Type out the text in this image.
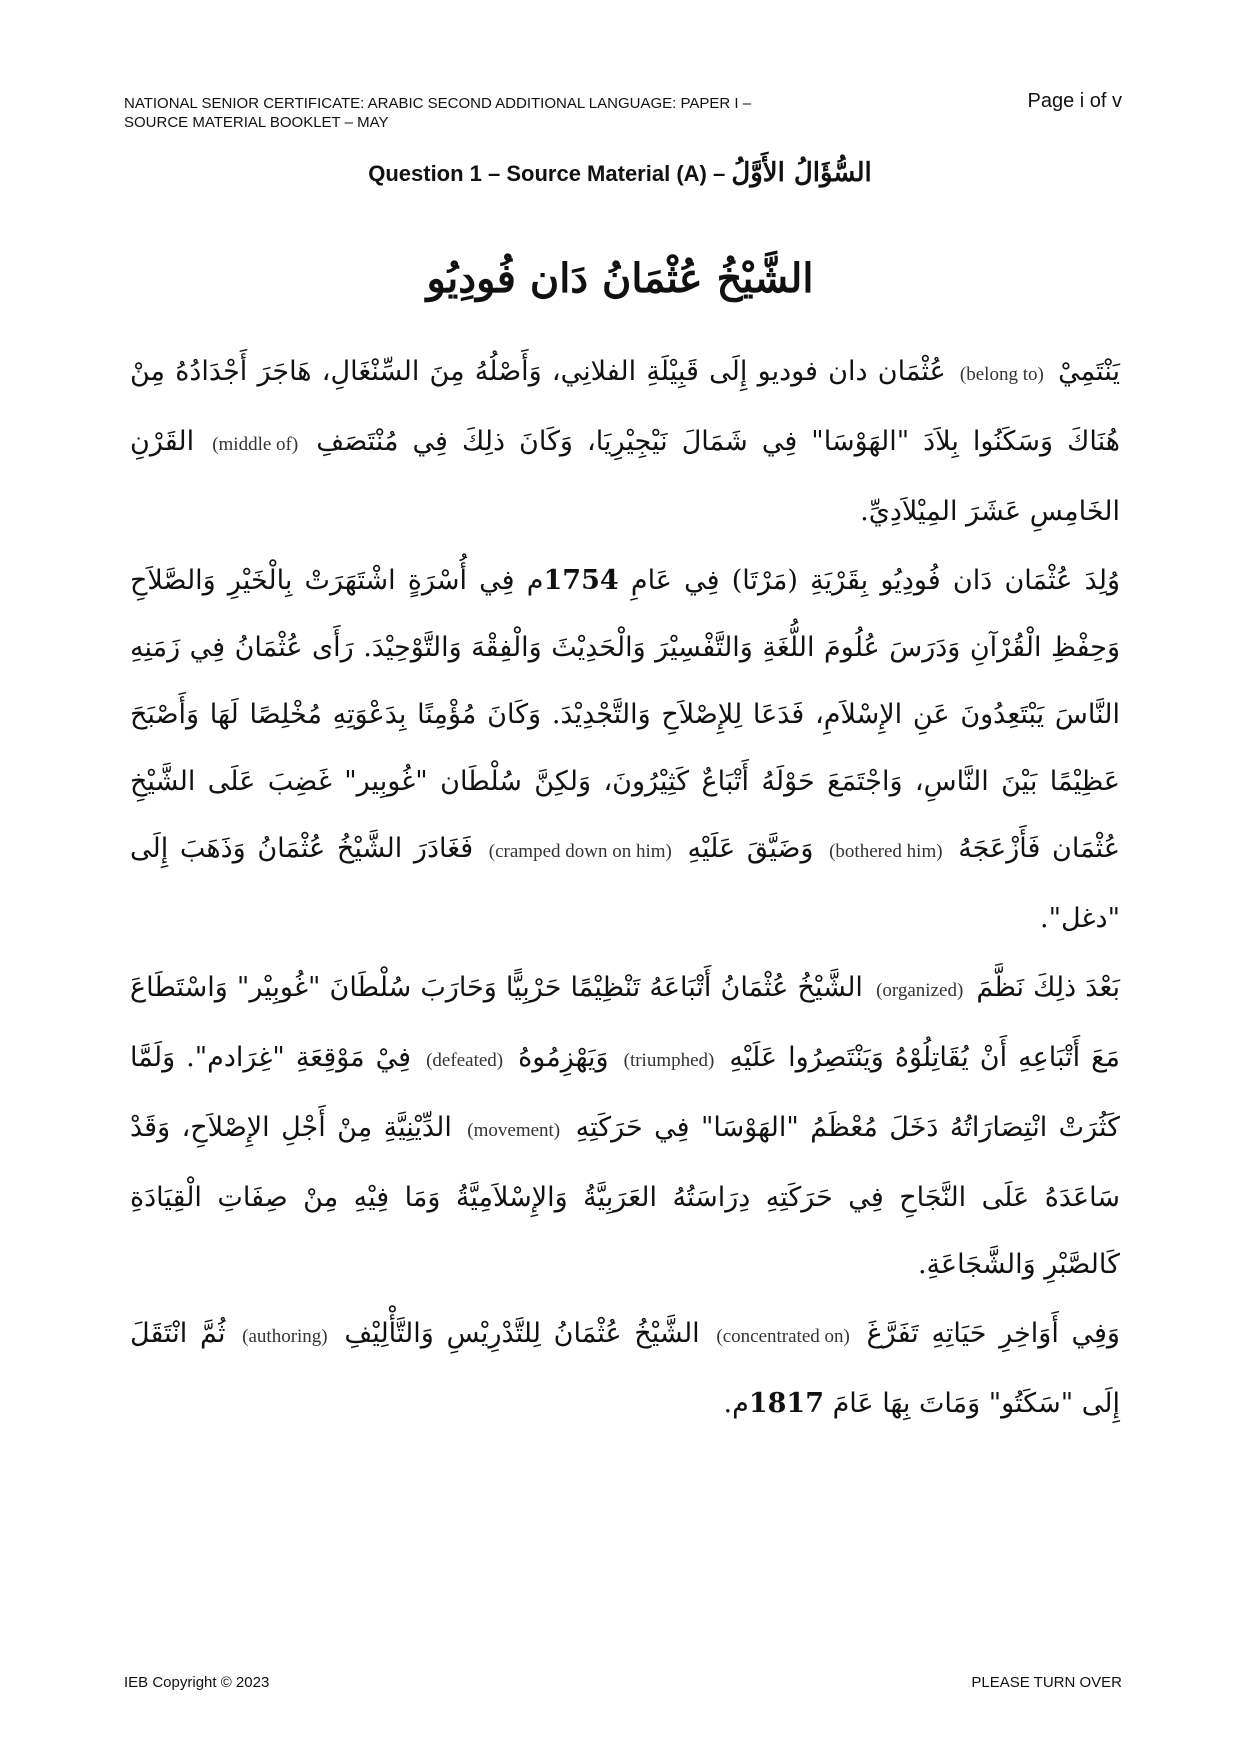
NATIONAL SENIOR CERTIFICATE: ARABIC SECOND ADDITIONAL LANGUAGE: PAPER I –
SOURCE MATERIAL BOOKLET – MAY
Page i of v
Question 1 – Source Material (A) – السُّؤَالُ الأَوَّلُ
الشَّيْخُ عُثْمَانُ دَان فُودِيُو

يَنْتَمِيْ (belong to) عُثْمَان دان فوديو إِلَى قَبِيْلَةِ الفلانِي، وَأَصْلُهُ مِنَ السِّنْغَالِ، هَاجَرَ أَجْدَادُهُ مِنْ هُنَاكَ وَسَكَنُوا بِلاَدَ "الهَوْسَا" فِي شَمَالَ نَيْجِيْرِيَا، وَكَانَ ذلِكَ فِي مُنْتَصَفِ (middle of) القَرْنِ الخَامِسِ عَشَرَ المِيْلاَدِيِّ.

وُلِدَ عُثْمَان دَان فُودِيُو بِقَرْيَةِ (مَرْتَا) فِي عَامِ 1754م فِي أُسْرَةٍ اشْتَهَرَتْ بِالْخَيْرِ وَالصَّلاَحِ وَحِفْظِ الْقُرْآنِ وَدَرَسَ عُلُومَ اللُّغَةِ وَالتَّفْسِيْرَ وَالْحَدِيْثَ وَالْفِقْهَ وَالتَّوْحِيْدَ. رَأَى عُثْمَانُ فِي زَمَنِهِ النَّاسَ يَبْتَعِدُونَ عَنِ الإِسْلاَمِ، فَدَعَا لِلإِصْلاَحِ وَالتَّجْدِيْدَ. وَكَانَ مُؤْمِنًا بِدَعْوَتِهِ مُخْلِصًا لَهَا وَأَصْبَحَ عَظِيْمًا بَيْنَ النَّاسِ، وَاجْتَمَعَ حَوْلَهُ أَتْبَاعٌ كَثِيْرُونَ، وَلكِنَّ سُلْطَان "غُوبِير" غَضِبَ عَلَى الشَّيْخِ عُثْمَان فَأَزْعَجَهُ (bothered him) وَضَيَّقَ عَلَيْهِ (cramped down on him) فَغَادَرَ الشَّيْخُ عُثْمَانُ وَذَهَبَ إِلَى "دغل".

بَعْدَ ذلِكَ نَظَّمَ (organized) الشَّيْخُ عُثْمَانُ أَتْبَاعَهُ تَنْظِيْمًا حَرْبِيًّا وَحَارَبَ سُلْطَانَ "غُوبِيْر" وَاسْتَطَاعَ مَعَ أَتْبَاعِهِ أَنْ يُقَاتِلُوْهُ وَيَنْتَصِرُوا عَلَيْهِ (triumphed) وَيَهْزِمُوهُ (defeated) فِيْ مَوْقِعَةِ "غِرَادم". وَلَمَّا كَثُرَتْ انْتِصَارَاتُهُ دَخَلَ مُعْظَمُ "الهَوْسَا" فِي حَرَكَتِهِ (movement) الدِّيْنِيَّةِ مِنْ أَجْلِ الإِصْلاَحِ، وَقَدْ سَاعَدَهُ عَلَى النَّجَاحِ فِي حَرَكَتِهِ دِرَاسَتُهُ العَرَبِيَّةُ وَالإِسْلاَمِيَّةُ وَمَا فِيْهِ مِنْ صِفَاتِ الْقِيَادَةِ كَالصَّبْرِ وَالشَّجَاعَةِ.

وَفِي أَوَاخِرِ حَيَاتِهِ تَفَرَّغَ (concentrated on) الشَّيْخُ عُثْمَانُ لِلتَّدْرِيْسِ وَالتَّأْلِيْفِ (authoring) ثُمَّ انْتَقَلَ إِلَى "سَكَتُو" وَمَاتَ بِهَا عَامَ 1817م.

IEB Copyright © 2023	PLEASE TURN OVER
